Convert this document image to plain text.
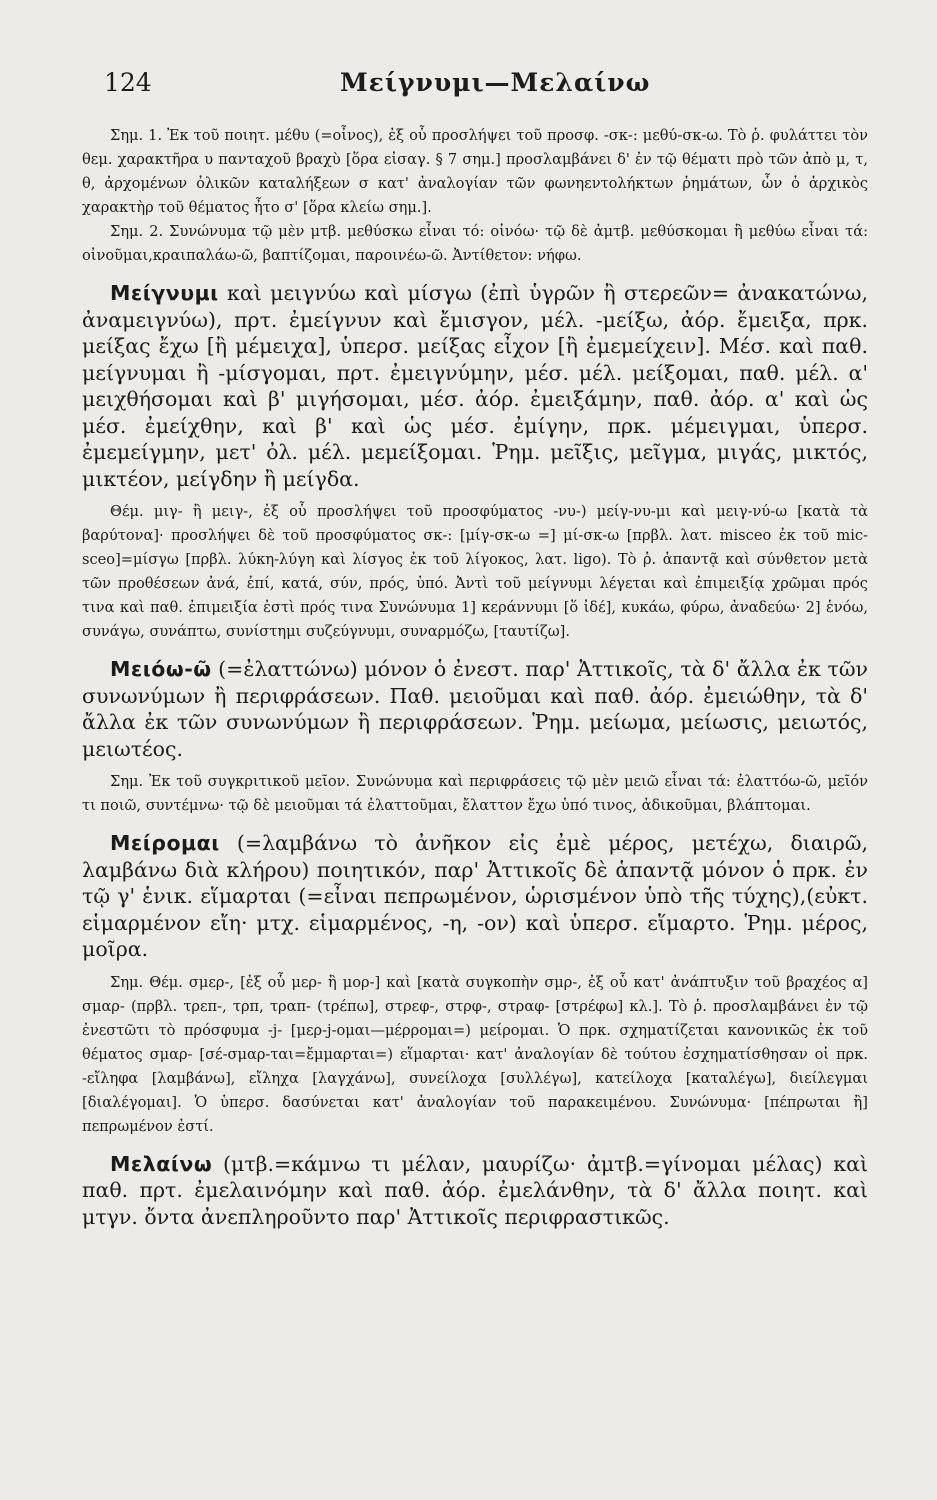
124	Μείγνυμι—Μελαίνω

Σημ. 1. Ἐκ τοῦ ποιητ. μέθυ (=οἶνος), ἐξ οὗ προσλήψει τοῦ προσφ. -σκ-: μεθύ-σκ-ω. Τὸ ῥ. φυλάττει τὸν θεμ. χαρακτῆρα υ πανταχοῦ βραχὺ [ὅρα εἰσαγ. § 7 σημ.] προσλαμβάνει δ' ἐν τῷ θέματι πρὸ τῶν ἀπὸ μ, τ, θ, ἀρχομένων ὀλικῶν καταλήξεων σ κατ' ἀναλογίαν τῶν φωνηεντολήκτων ῥημάτων, ὧν ὁ ἀρχικὸς χαρακτὴρ τοῦ θέματος ἦτο σ' [ὅρα κλείω σημ.].

Σημ. 2. Συνώνυμα τῷ μὲν μτβ. μεθύσκω εἶναι τό: οἰνόω· τῷ δὲ ἀμτβ. μεθύσκομαι ἢ μεθύω εἶναι τά: οἰνοῦμαι,κραιπαλάω-ῶ, βαπτίζομαι, παροινέω-ῶ. Ἀντίθετον: νήφω.

Μείγνυμι καὶ μειγνύω καὶ μίσγω (ἐπὶ ὑγρῶν ἢ στερεῶν= ἀνακατώνω, ἀναμειγνύω), πρτ. ἐμείγνυν καὶ ἔμισγον, μέλ. -μείξω, ἀόρ. ἔμειξα, πρκ. μείξας ἔχω [ἢ μέμειχα], ὑπερσ. μείξας εἶχον [ἢ ἐμεμείχειν]. Μέσ. καὶ παθ. μείγνυμαι ἢ -μίσγομαι, πρτ. ἐμειγνύμην, μέσ. μέλ. μείξομαι, παθ. μέλ. α' μειχθήσομαι καὶ β' μιγήσομαι, μέσ. ἀόρ. ἐμειξάμην, παθ. ἀόρ. α' καὶ ὡς μέσ. ἐμείχθην, καὶ β' καὶ ὡς μέσ. ἐμίγην, πρκ. μέμειγμαι, ὑπερσ. ἐμεμείγμην, μετ' ὀλ. μέλ. μεμείξομαι. Ῥημ. μεῖξις, μεῖγμα, μιγάς, μικτός, μικτέον, μείγδην ἢ μείγδα.

Θέμ. μιγ- ἢ μειγ-, ἐξ οὗ προσλήψει τοῦ προσφύματος -νυ-) μείγ-νυ-μι καὶ μειγ-νύ-ω [κατὰ τὰ βαρύτονα]· προσλήψει δὲ τοῦ προσφύματος σκ-: [μίγ-σκ-ω =] μί-σκ-ω [πρβλ. λατ. misceo ἐκ τοῦ mic-sceo]=μίσγω [πρβλ. λύκη-λύγη καὶ λίσγος ἐκ τοῦ λίγοκος, λατ. ligo). Τὸ ῥ. ἁπαντᾷ καὶ σύνθετον μετὰ τῶν προθέσεων ἀνά, ἐπί, κατά, σύν, πρός, ὑπό. Ἀντὶ τοῦ μείγνυμι λέγεται καὶ ἐπιμειξίᾳ χρῶμαι πρός τινα καὶ παθ. ἐπιμειξία ἐστὶ πρός τινα Συνώνυμα 1] κεράννυμι [ὅ ἰδέ], κυκάω, φύρω, ἀναδεύω· 2] ἑνόω, συνάγω, συνάπτω, συνίστημι συζεύγνυμι, συναρμόζω, [ταυτίζω].

Μειόω-ῶ (=ἐλαττώνω) μόνον ὁ ἐνεστ. παρ' Ἀττικοῖς, τὰ δ' ἄλλα ἐκ τῶν συνωνύμων ἢ περιφράσεων. Παθ. μειοῦμαι καὶ παθ. ἀόρ. ἐμειώθην, τὰ δ' ἄλλα ἐκ τῶν συνωνύμων ἢ περιφράσεων. Ῥημ. μείωμα, μείωσις, μειωτός, μειωτέος.

Σημ. Ἐκ τοῦ συγκριτικοῦ μεῖον. Συνώνυμα καὶ περιφράσεις τῷ μὲν μειῶ εἶναι τά: ἐλαττόω-ῶ, μεῖόν τι ποιῶ, συντέμνω· τῷ δὲ μειοῦμαι τά ἐλαττοῦμαι, ἔλαττον ἔχω ὑπό τινος, ἀδικοῦμαι, βλάπτομαι.

Μείρομαι (=λαμβάνω τὸ ἀνῆκον εἰς ἐμὲ μέρος, μετέχω, διαιρῶ, λαμβάνω διὰ κλήρου) ποιητικόν, παρ' Ἀττικοῖς δὲ ἁπαντᾷ μόνον ὁ πρκ. ἐν τῷ γ' ἑνικ. εἵμαρται (=εἶναι πεπρωμένον, ὡρισμένον ὑπὸ τῆς τύχης),(εὐκτ. εἱμαρμένον εἴη· μτχ. εἱμαρμένος, -η, -ον) καὶ ὑπερσ. εἵμαρτο. Ῥημ. μέρος, μοῖρα.

Σημ. Θέμ. σμερ-, [ἐξ οὗ μερ- ἢ μορ-] καὶ [κατὰ συγκοπὴν σμρ-, ἐξ οὗ κατ' ἀνάπτυξιν τοῦ βραχέος α] σμαρ- (πρβλ. τρεπ-, τρπ, τραπ- (τρέπω], στρεφ-, στρφ-, στραφ- [στρέφω] κλ.]. Τὸ ῥ. προσλαμβάνει ἐν τῷ ἐνεστῶτι τὸ πρόσφυμα -j- [μερ-j-ομαι—μέρρομαι=) μείρομαι. Ὁ πρκ. σχηματίζεται κανονικῶς ἐκ τοῦ θέματος σμαρ- [σέ-σμαρ-ται=ἔμμαρται=) εἵμαρται· κατ' ἀναλογίαν δὲ τούτου ἐσχηματίσθησαν οἱ πρκ. -εἴληφα [λαμβάνω], εἴληχα [λαγχάνω], συνείλοχα [συλλέγω], κατείλοχα [καταλέγω], διείλεγμαι [διαλέγομαι]. Ὁ ὑπερσ. δασύνεται κατ' ἀναλογίαν τοῦ παρακειμένου. Συνώνυμα· [πέπρωται ἢ] πεπρωμένον ἐστί.

Μελαίνω (μτβ.=κάμνω τι μέλαν, μαυρίζω· ἀμτβ.=γίνομαι μέλας) καὶ παθ. πρτ. ἐμελαινόμην καὶ παθ. ἀόρ. ἐμελάνθην, τὰ δ' ἄλλα ποιητ. καὶ μτγν. ὄντα ἀνεπληροῦντο παρ' Ἀττικοῖς περιφραστικῶς.
